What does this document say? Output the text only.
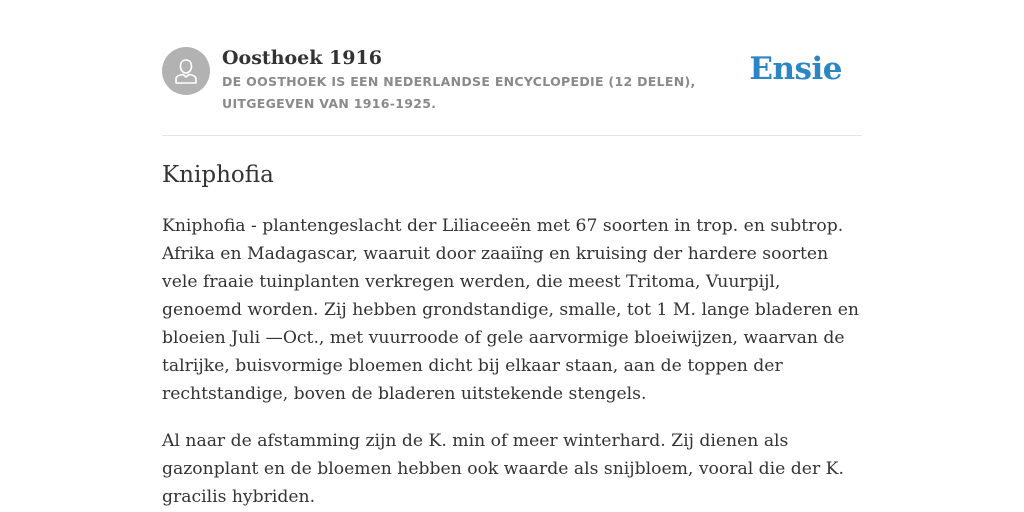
Oosthoek 1916

DE OOSTHOEK IS EEN NEDERLANDSE ENCYCLOPEDIE (12 DELEN), UITGEGEVEN VAN 1916-1925.

Ensie
Kniphofia

Kniphofia - plantengeslacht der Liliaceeën met 67 soorten in trop. en subtrop. Afrika en Madagascar, waaruit door zaaiïng en kruising der hardere soorten vele fraaie tuinplanten verkregen werden, die meest Tritoma, Vuurpijl, genoemd worden. Zij hebben grondstandige, smalle, tot 1 M. lange bladeren en bloeien Juli —Oct., met vuurroode of gele aarvormige bloeiwijzen, waarvan de talrijke, buisvormige bloemen dicht bij elkaar staan, aan de toppen der rechtstandige, boven de bladeren uitstekende stengels.

Al naar de afstamming zijn de K. min of meer winterhard. Zij dienen als gazonplant en de bloemen hebben ook waarde als snijbloem, vooral die der K. gracilis hybriden.
